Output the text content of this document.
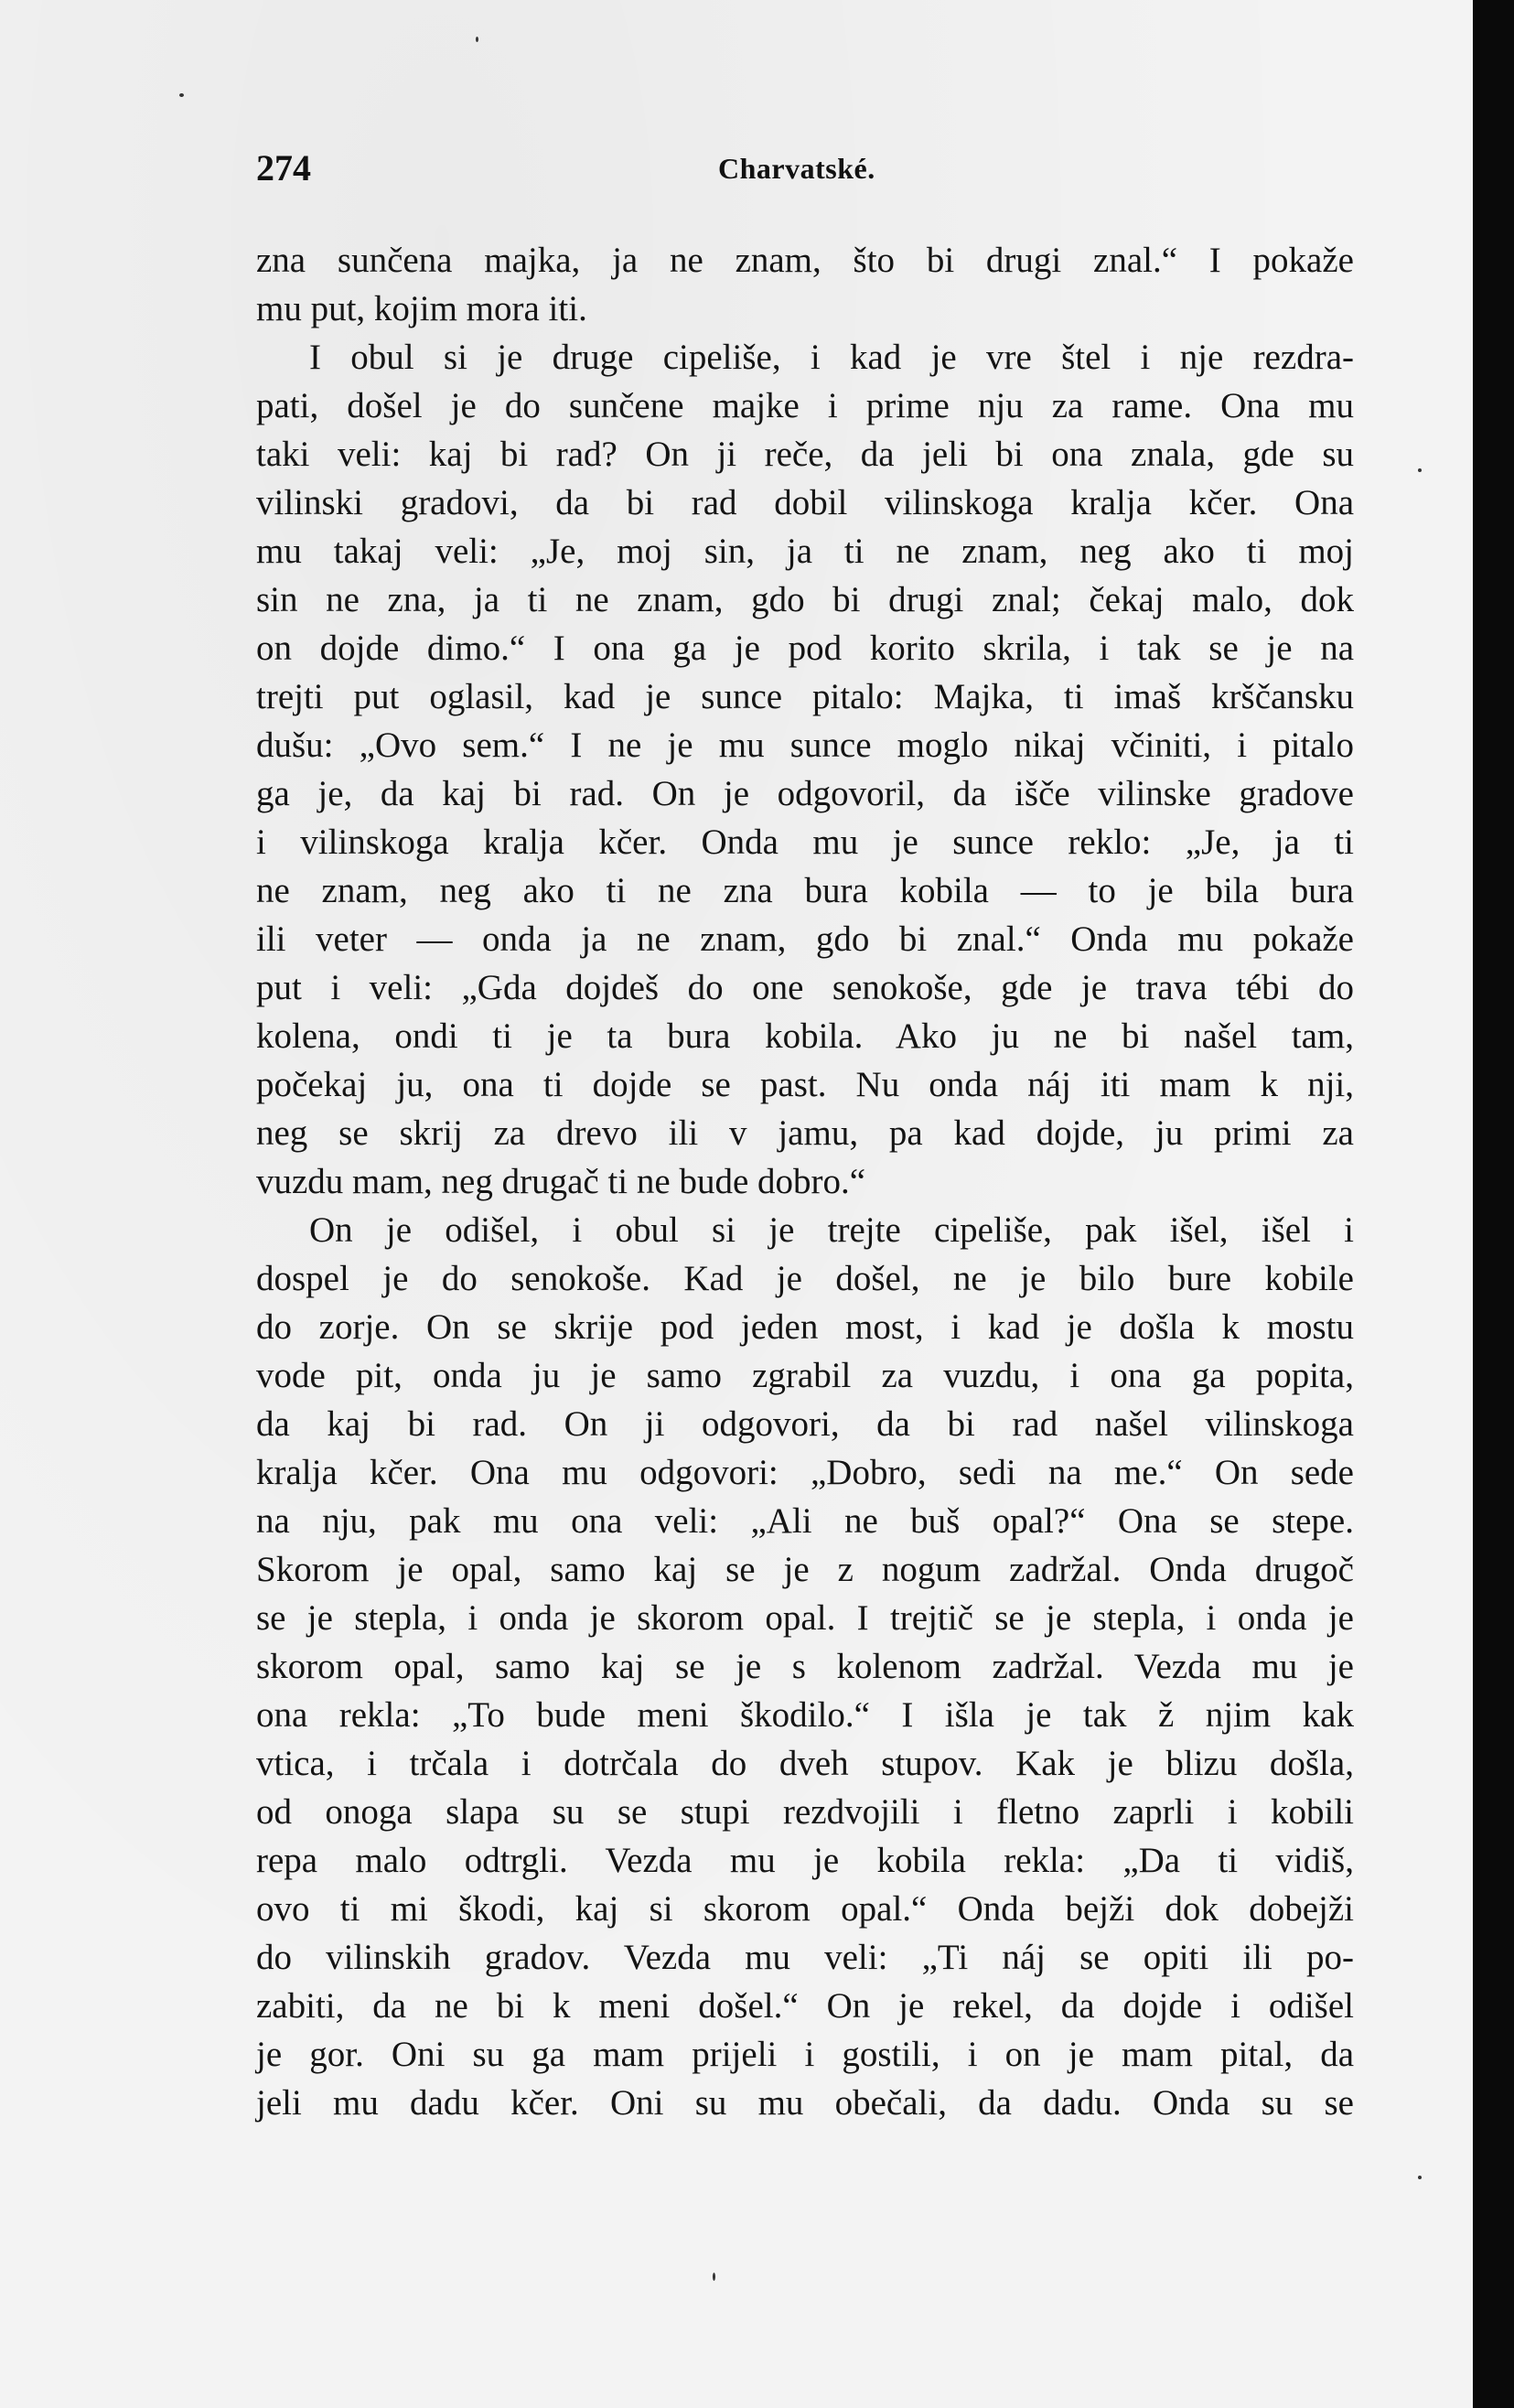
274	Charvatské.
zna sunčena majka, ja ne znam, što bi drugi znal.“ I pokaže
mu put, kojim mora iti.
I obul si je druge cipeliše, i kad je vre štel i nje rezdra-
pati, došel je do sunčene majke i prime nju za rame. Ona mu
taki veli: kaj bi rad? On ji reče, da jeli bi ona znala, gde su
vilinski gradovi, da bi rad dobil vilinskoga kralja kčer. Ona
mu takaj veli: „Je, moj sin, ja ti ne znam, neg ako ti moj
sin ne zna, ja ti ne znam, gdo bi drugi znal; čekaj malo, dok
on dojde dimo.“ I ona ga je pod korito skrila, i tak se je na
trejti put oglasil, kad je sunce pitalo: Majka, ti imaš krščansku
dušu: „Ovo sem.“ I ne je mu sunce moglo nikaj včiniti, i pitalo
ga je, da kaj bi rad. On je odgovoril, da išče vilinske gradove
i vilinskoga kralja kčer. Onda mu je sunce reklo: „Je, ja ti
ne znam, neg ako ti ne zna bura kobila — to je bila bura
ili veter — onda ja ne znam, gdo bi znal.“ Onda mu pokaže
put i veli: „Gda dojdeš do one senokoše, gde je trava tébi do
kolena, ondi ti je ta bura kobila. Ako ju ne bi našel tam,
počekaj ju, ona ti dojde se past. Nu onda náj iti mam k nji,
neg se skrij za drevo ili v jamu, pa kad dojde, ju primi za
vuzdu mam, neg drugač ti ne bude dobro.“
On je odišel, i obul si je trejte cipeliše, pak išel, išel i
dospel je do senokoše. Kad je došel, ne je bilo bure kobile
do zorje. On se skrije pod jeden most, i kad je došla k mostu
vode pit, onda ju je samo zgrabil za vuzdu, i ona ga popita,
da kaj bi rad. On ji odgovori, da bi rad našel vilinskoga
kralja kčer. Ona mu odgovori: „Dobro, sedi na me.“ On sede
na nju, pak mu ona veli: „Ali ne buš opal?“ Ona se stepe.
Skorom je opal, samo kaj se je z nogum zadržal. Onda drugoč
se je stepla, i onda je skorom opal. I trejtič se je stepla, i onda je
skorom opal, samo kaj se je s kolenom zadržal. Vezda mu je
ona rekla: „To bude meni škodilo.“ I išla je tak ž njim kak
vtica, i trčala i dotrčala do dveh stupov. Kak je blizu došla,
od onoga slapa su se stupi rezdvojili i fletno zaprli i kobili
repa malo odtrgli. Vezda mu je kobila rekla: „Da ti vidiš,
ovo ti mi škodi, kaj si skorom opal.“ Onda bejži dok dobejži
do vilinskih gradov. Vezda mu veli: „Ti náj se opiti ili po-
zabiti, da ne bi k meni došel.“ On je rekel, da dojde i odišel
je gor. Oni su ga mam prijeli i gostili, i on je mam pital, da
jeli mu dadu kčer. Oni su mu obečali, da dadu. Onda su se
